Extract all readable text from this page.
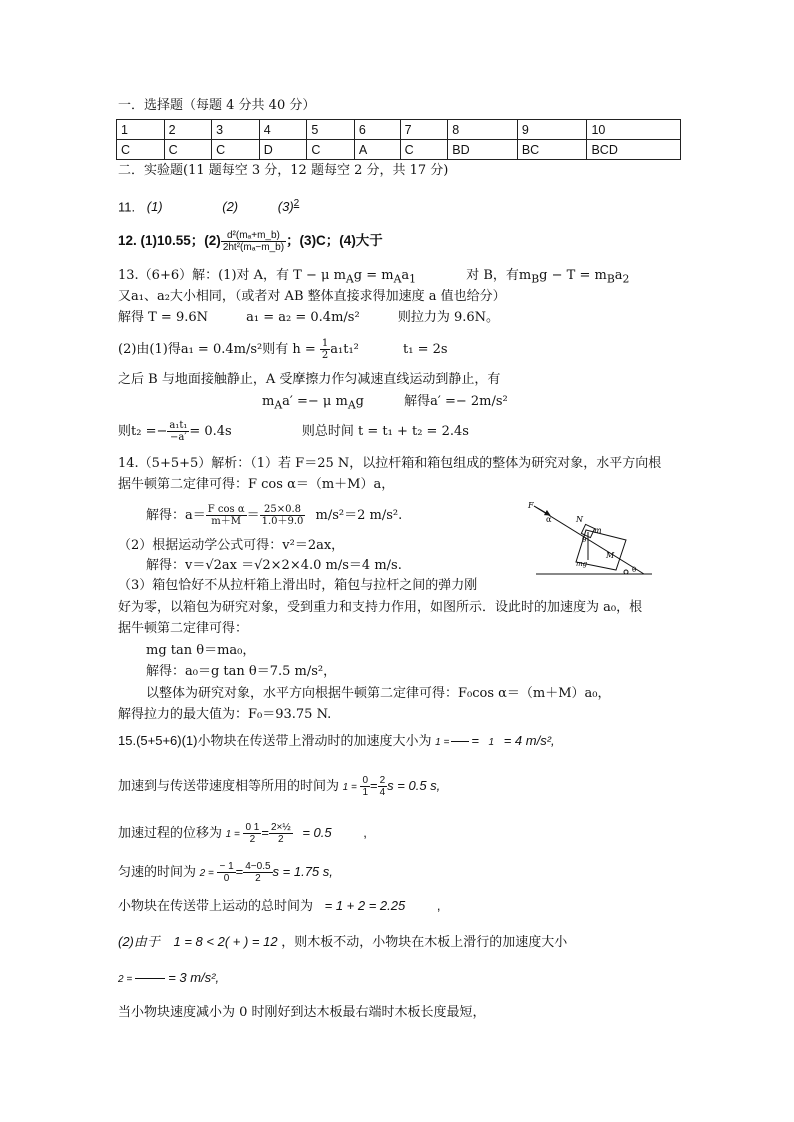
一．选择题（每题 4 分共 40 分）
1	2	3	4	5	6	7	8	9	10
C	C	C	D	C	A	C	BD	BC	BCD
二．实验题(11 题每空 3 分，12 题每空 2 分，共 17 分)
11. (1)	(2)	$(3)^2$
12. (1)10.55；$(2) \frac{\text{d²(mₐ+m\_b)}}{\text{2ht²(mₐ−m\_b)}}$ ；(3)C；(4)大于
13.（6+6）解：(1)对 A，有 T − μ $m_Ag = m_Aa_1$	对 B，有$m_Bg - T = m_Ba_2$
又a₁、a₂大小相同，（或者对 AB 整体直接求得加速度 a 值也给分）
解得 T = 9.6N	a₁ = a₂ = 0.4m/s²	则拉力为 9.6N。
(2)由(1)得a₁ = 0.4m/s²则有 $h = \frac{1}{2} a_1t_1^2$	t₁ = 2s
之后 B 与地面接触静止，A 受摩擦力作匀减速直线运动到静止，有
$m_Aa' =- \mu$ $m_Ag$	解得a′ =− 2m/s²
则$t_2 =- \frac{\text{a₁t₁}}{-a'} = 0.4s$	则总时间 t = t₁ + t₂ = 2.4s
14.（5+5+5）解析：（1）若 F＝25 N，以拉杆箱和箱包组成的整体为研究对象，水平方向根
据牛顿第二定律可得：F cos α＝（m＋M）a，
解得：$a= \frac{\text{F cos α}}{m+M} = \frac{25\times 0.8}{1.0+9.0} m/s^2=2$ m/s².
（2）根据运动学公式可得：v²＝2ax，
解得：v＝√2ax ＝√2×2×4.0 m/s＝4 m/s.
（3）箱包恰好不从拉杆箱上滑出时，箱包与拉杆之间的弹力刚
好为零，以箱包为研究对象，受到重力和支持力作用，如图所示．设此时的加速度为 a₀，根
据牛顿第二定律可得：
mg tan θ＝ma₀，
解得：a₀＝g tan θ＝7.5 m/s²，
以整体为研究对象，水平方向根据牛顿第二定律可得：F₀cos α＝（m＋M）a₀，
解得拉力的最大值为：F₀＝93.75 N.
F
α	N
m
M
mg
θ
θ
15.(5+5+6)(1)小物块在传送带上滑动时的加速度大小为 1 = = 1 = 4 m/s²,
加速到与传送带速度相等所用的时间为 $1 = \frac{0}{1} = \frac{2}{4}$ s = 0.5 s,
加速过程的位移为 $1 = \frac{0 1}{2} = \frac{\text{2×½}}{2} = 0.5$ ,
匀速的时间为 $2 = \frac{- 1}{0} = \frac{4-0.5}{2}$ s = 1.75 s,
小物块在传送带上运动的总时间为 = 1 + 2 = 2.25 ,
(2)由于 1 = 8 < 2( + ) = 12 ，则木板不动，小物块在木板上滑行的加速度大小
2 =	= 3 m/s²,
当小物块速度减小为 0 时刚好到达木板最右端时木板长度最短，
